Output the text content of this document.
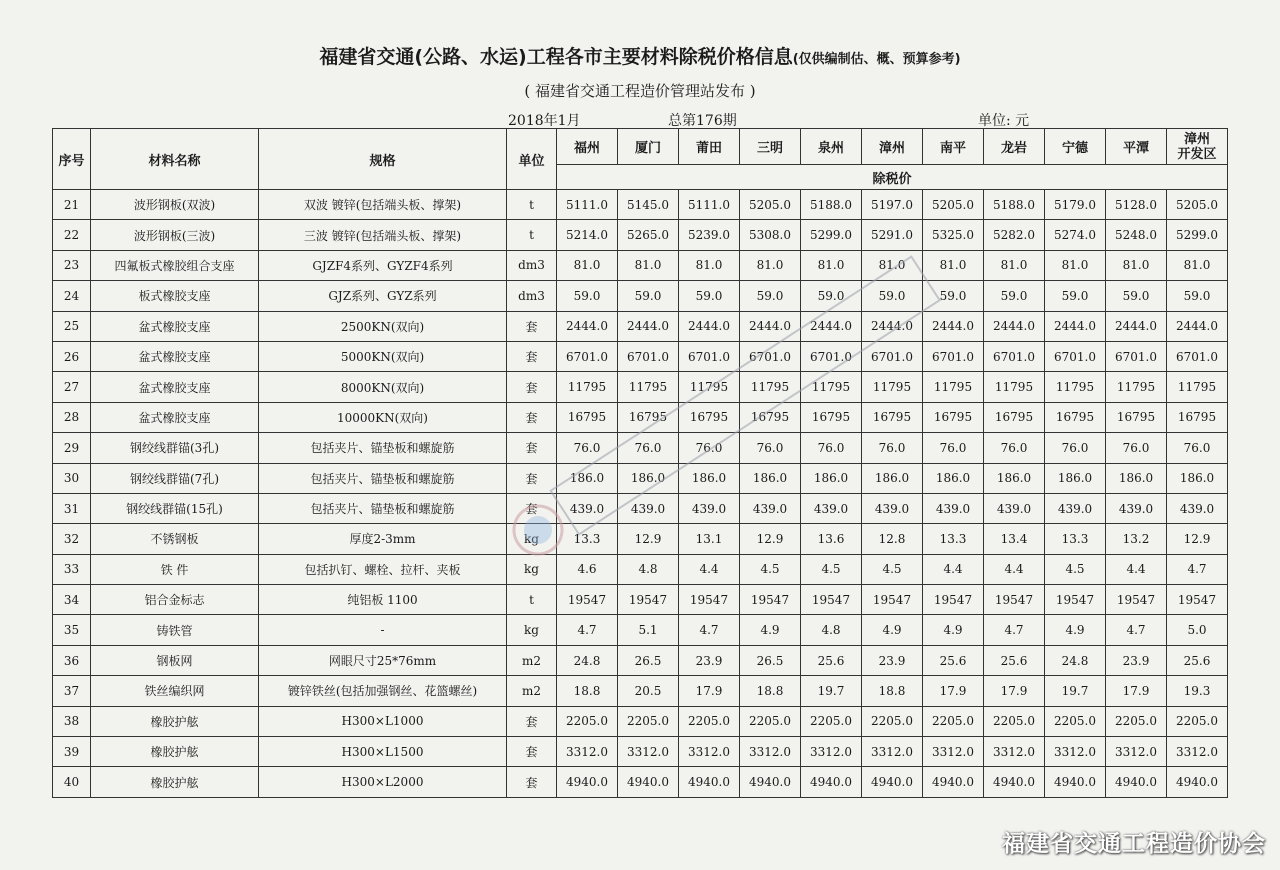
福建省交通(公路、水运)工程各市主要材料除税价格信息(仅供编制估、概、预算参考)
( 福建省交通工程造价管理站发布 )
2018年1月	总第176期	单位: 元
序号	材料名称	规格	单位	福州	厦门	莆田	三明	泉州	漳州	南平	龙岩	宁德	平潭	漳州
开发区

				除税价										
21	波形钢板(双波)	双波 镀锌(包括端头板、撑架)	t	5111.0	5145.0	5111.0	5205.0	5188.0	5197.0	5205.0	5188.0	5179.0	5128.0	5205.0
22	波形钢板(三波)	三波 镀锌(包括端头板、撑架)	t	5214.0	5265.0	5239.0	5308.0	5299.0	5291.0	5325.0	5282.0	5274.0	5248.0	5299.0
23	四氟板式橡胶组合支座	GJZF4系列、GYZF4系列	dm3	81.0	81.0	81.0	81.0	81.0	81.0	81.0	81.0	81.0	81.0	81.0
24	板式橡胶支座	GJZ系列、GYZ系列	dm3	59.0	59.0	59.0	59.0	59.0	59.0	59.0	59.0	59.0	59.0	59.0
25	盆式橡胶支座	2500KN(双向)	套	2444.0	2444.0	2444.0	2444.0	2444.0	2444.0	2444.0	2444.0	2444.0	2444.0	2444.0
26	盆式橡胶支座	5000KN(双向)	套	6701.0	6701.0	6701.0	6701.0	6701.0	6701.0	6701.0	6701.0	6701.0	6701.0	6701.0
27	盆式橡胶支座	8000KN(双向)	套	11795	11795	11795	11795	11795	11795	11795	11795	11795	11795	11795
28	盆式橡胶支座	10000KN(双向)	套	16795	16795	16795	16795	16795	16795	16795	16795	16795	16795	16795
29	钢绞线群锚(3孔)	包括夹片、锚垫板和螺旋筋	套	76.0	76.0	76.0	76.0	76.0	76.0	76.0	76.0	76.0	76.0	76.0
30	钢绞线群锚(7孔)	包括夹片、锚垫板和螺旋筋	套	186.0	186.0	186.0	186.0	186.0	186.0	186.0	186.0	186.0	186.0	186.0
31	钢绞线群锚(15孔)	包括夹片、锚垫板和螺旋筋	套	439.0	439.0	439.0	439.0	439.0	439.0	439.0	439.0	439.0	439.0	439.0
32	不锈钢板	厚度2-3mm	kg	13.3	12.9	13.1	12.9	13.6	12.8	13.3	13.4	13.3	13.2	12.9
33	铁 件	包括扒钉、螺栓、拉杆、夹板	kg	4.6	4.8	4.4	4.5	4.5	4.5	4.4	4.4	4.5	4.4	4.7
34	铝合金标志	纯铝板 1100	t	19547	19547	19547	19547	19547	19547	19547	19547	19547	19547	19547
35	铸铁管	-	kg	4.7	5.1	4.7	4.9	4.8	4.9	4.9	4.7	4.9	4.7	5.0
36	钢板网	网眼尺寸25*76mm	m2	24.8	26.5	23.9	26.5	25.6	23.9	25.6	25.6	24.8	23.9	25.6
37	铁丝编织网	镀锌铁丝(包括加强钢丝、花篮螺丝)	m2	18.8	20.5	17.9	18.8	19.7	18.8	17.9	17.9	19.7	17.9	19.3
38	橡胶护舷	H300×L1000	套	2205.0	2205.0	2205.0	2205.0	2205.0	2205.0	2205.0	2205.0	2205.0	2205.0	2205.0
39	橡胶护舷	H300×L1500	套	3312.0	3312.0	3312.0	3312.0	3312.0	3312.0	3312.0	3312.0	3312.0	3312.0	3312.0
40	橡胶护舷	H300×L2000	套	4940.0	4940.0	4940.0	4940.0	4940.0	4940.0	4940.0	4940.0	4940.0	4940.0	4940.0
福建省交通工程造价协会
